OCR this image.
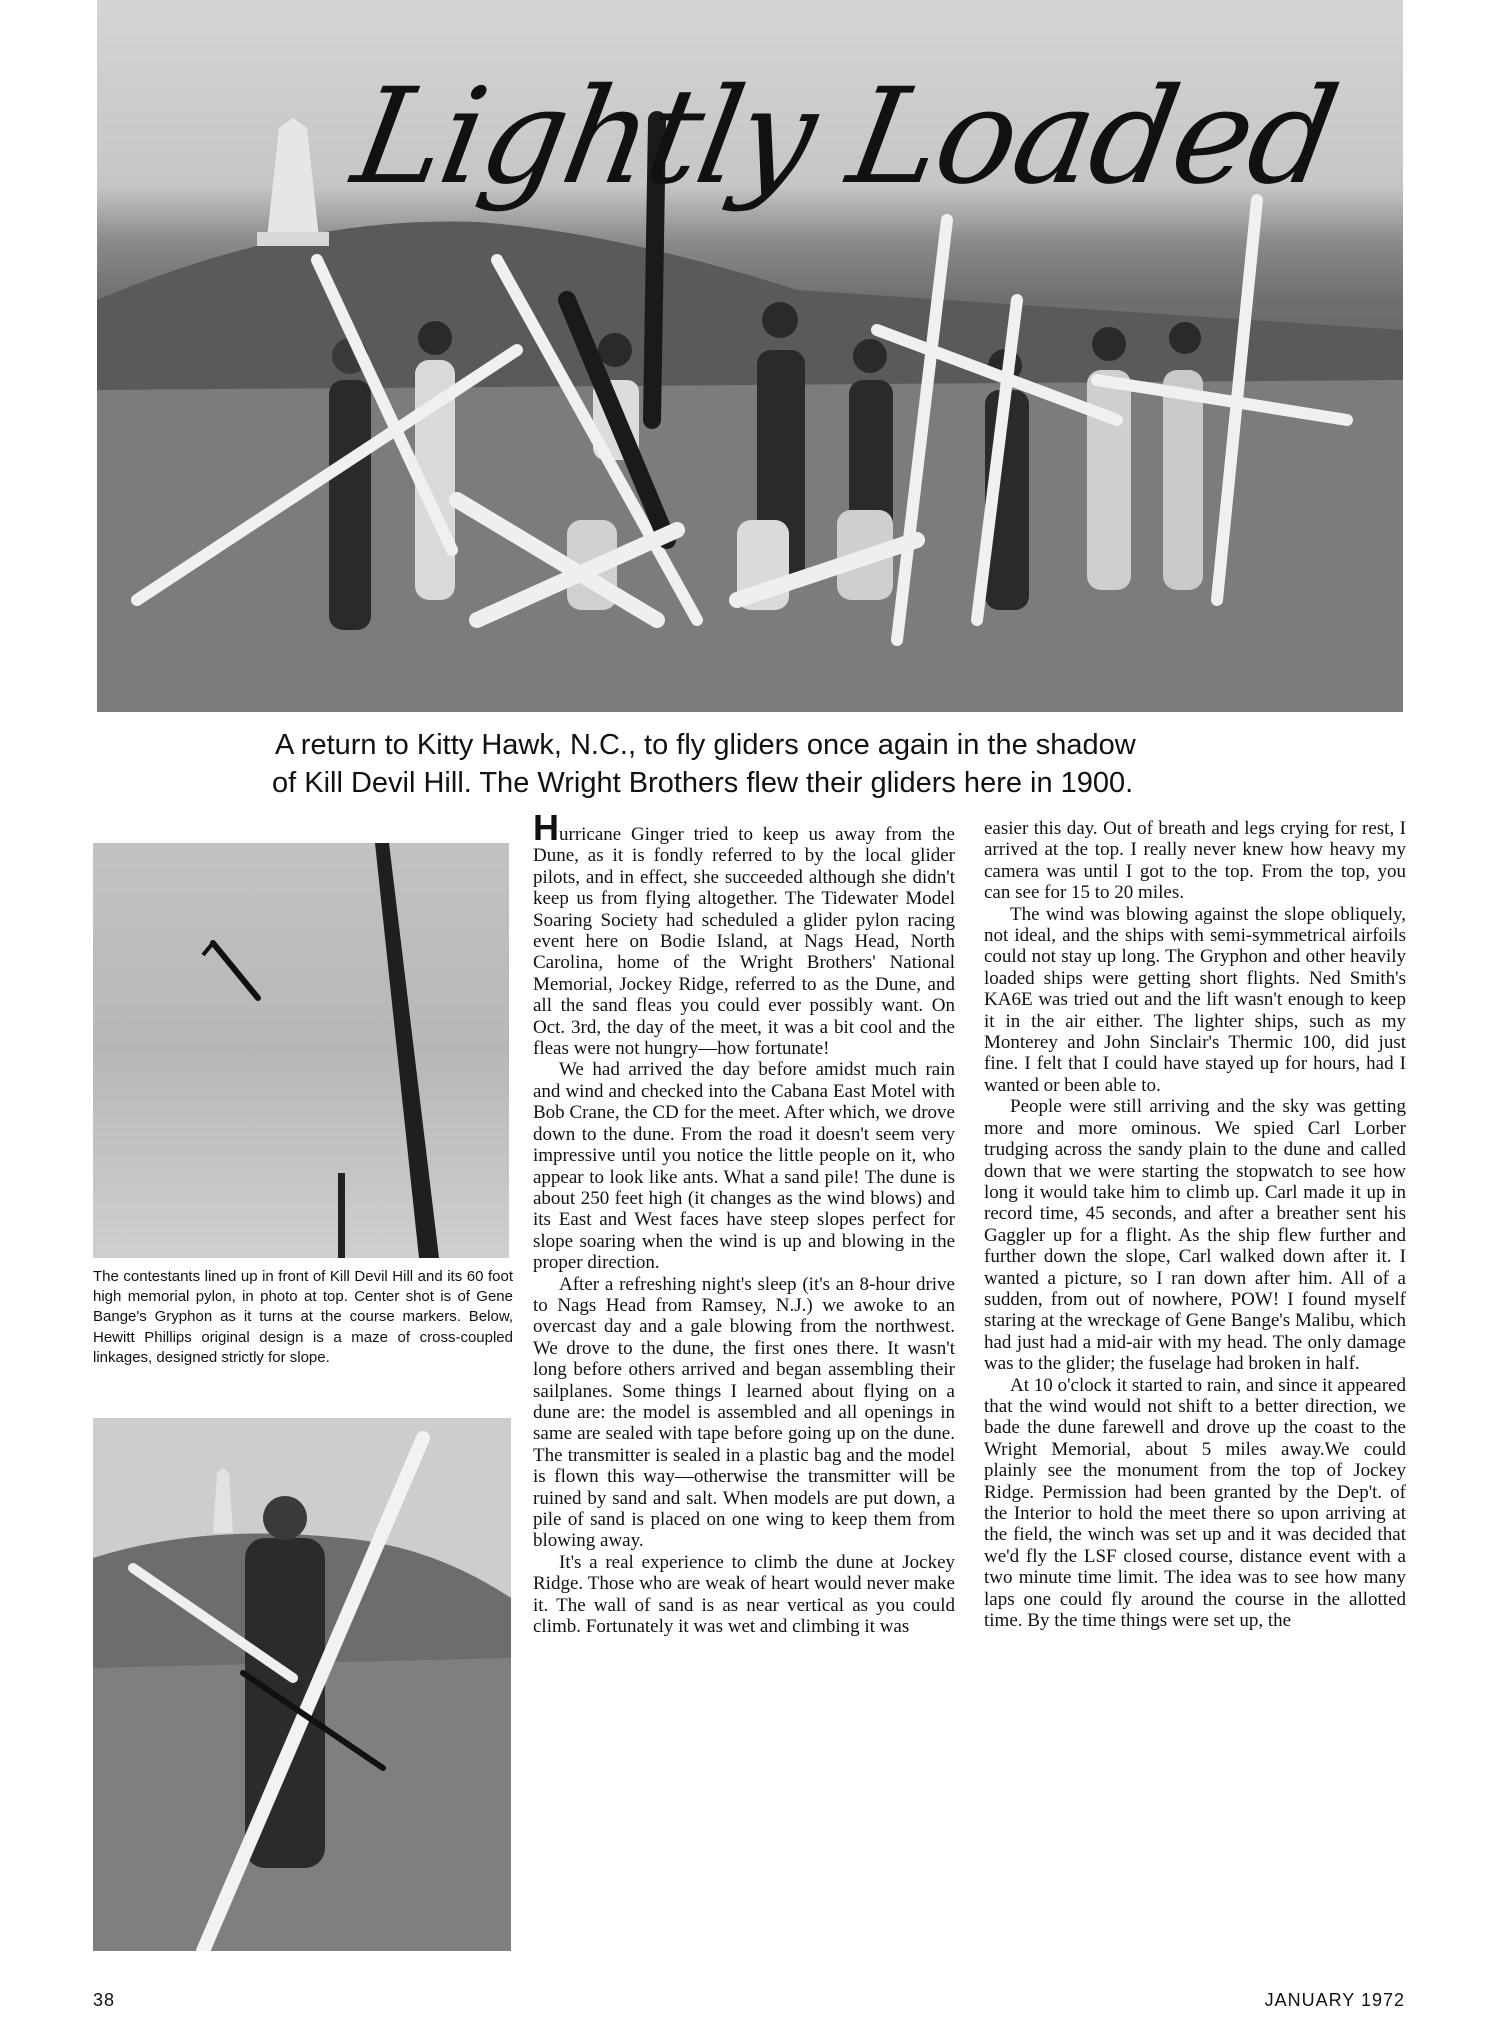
Lightly Loaded
A return to Kitty Hawk, N.C., to fly gliders once again in the shadow
of Kill Devil Hill. The Wright Brothers flew their gliders here in 1900.
The contestants lined up in front of Kill Devil Hill and its 60 foot high memorial pylon, in photo at top. Center shot is of Gene Bange's Gryphon as it turns at the course markers. Below, Hewitt Phillips original design is a maze of cross-coupled linkages, designed strictly for slope.

Hurricane Ginger tried to keep us away from the Dune, as it is fondly referred to by the local glider pilots, and in effect, she succeeded although she didn't keep us from flying altogether. The Tidewater Model Soaring Society had scheduled a glider pylon racing event here on Bodie Island, at Nags Head, North Carolina, home of the Wright Brothers' National Memorial, Jockey Ridge, referred to as the Dune, and all the sand fleas you could ever possibly want. On Oct. 3rd, the day of the meet, it was a bit cool and the fleas were not hungry—how fortunate!

We had arrived the day before amidst much rain and wind and checked into the Cabana East Motel with Bob Crane, the CD for the meet. After which, we drove down to the dune. From the road it doesn't seem very impressive until you notice the little people on it, who appear to look like ants. What a sand pile! The dune is about 250 feet high (it changes as the wind blows) and its East and West faces have steep slopes perfect for slope soaring when the wind is up and blowing in the proper direction.

After a refreshing night's sleep (it's an 8-hour drive to Nags Head from Ramsey, N.J.) we awoke to an overcast day and a gale blowing from the northwest. We drove to the dune, the first ones there. It wasn't long before others arrived and began assembling their sailplanes. Some things I learned about flying on a dune are: the model is assembled and all openings in same are sealed with tape before going up on the dune. The transmitter is sealed in a plastic bag and the model is flown this way—otherwise the transmitter will be ruined by sand and salt. When models are put down, a pile of sand is placed on one wing to keep them from blowing away.

It's a real experience to climb the dune at Jockey Ridge. Those who are weak of heart would never make it. The wall of sand is as near vertical as you could climb. Fortunately it was wet and climbing it was

easier this day. Out of breath and legs crying for rest, I arrived at the top. I really never knew how heavy my camera was until I got to the top. From the top, you can see for 15 to 20 miles.

The wind was blowing against the slope obliquely, not ideal, and the ships with semi-symmetrical airfoils could not stay up long. The Gryphon and other heavily loaded ships were getting short flights. Ned Smith's KA6E was tried out and the lift wasn't enough to keep it in the air either. The lighter ships, such as my Monterey and John Sinclair's Thermic 100, did just fine. I felt that I could have stayed up for hours, had I wanted or been able to.

People were still arriving and the sky was getting more and more ominous. We spied Carl Lorber trudging across the sandy plain to the dune and called down that we were starting the stopwatch to see how long it would take him to climb up. Carl made it up in record time, 45 seconds, and after a breather sent his Gaggler up for a flight. As the ship flew further and further down the slope, Carl walked down after it. I wanted a picture, so I ran down after him. All of a sudden, from out of nowhere, POW! I found myself staring at the wreckage of Gene Bange's Malibu, which had just had a mid-air with my head. The only damage was to the glider; the fuselage had broken in half.

At 10 o'clock it started to rain, and since it appeared that the wind would not shift to a better direction, we bade the dune farewell and drove up the coast to the Wright Memorial, about 5 miles away.We could plainly see the monument from the top of Jockey Ridge. Permission had been granted by the Dep't. of the Interior to hold the meet there so upon arriving at the field, the winch was set up and it was decided that we'd fly the LSF closed course, distance event with a two minute time limit. The idea was to see how many laps one could fly around the course in the allotted time. By the time things were set up, the

38	JANUARY 1972
